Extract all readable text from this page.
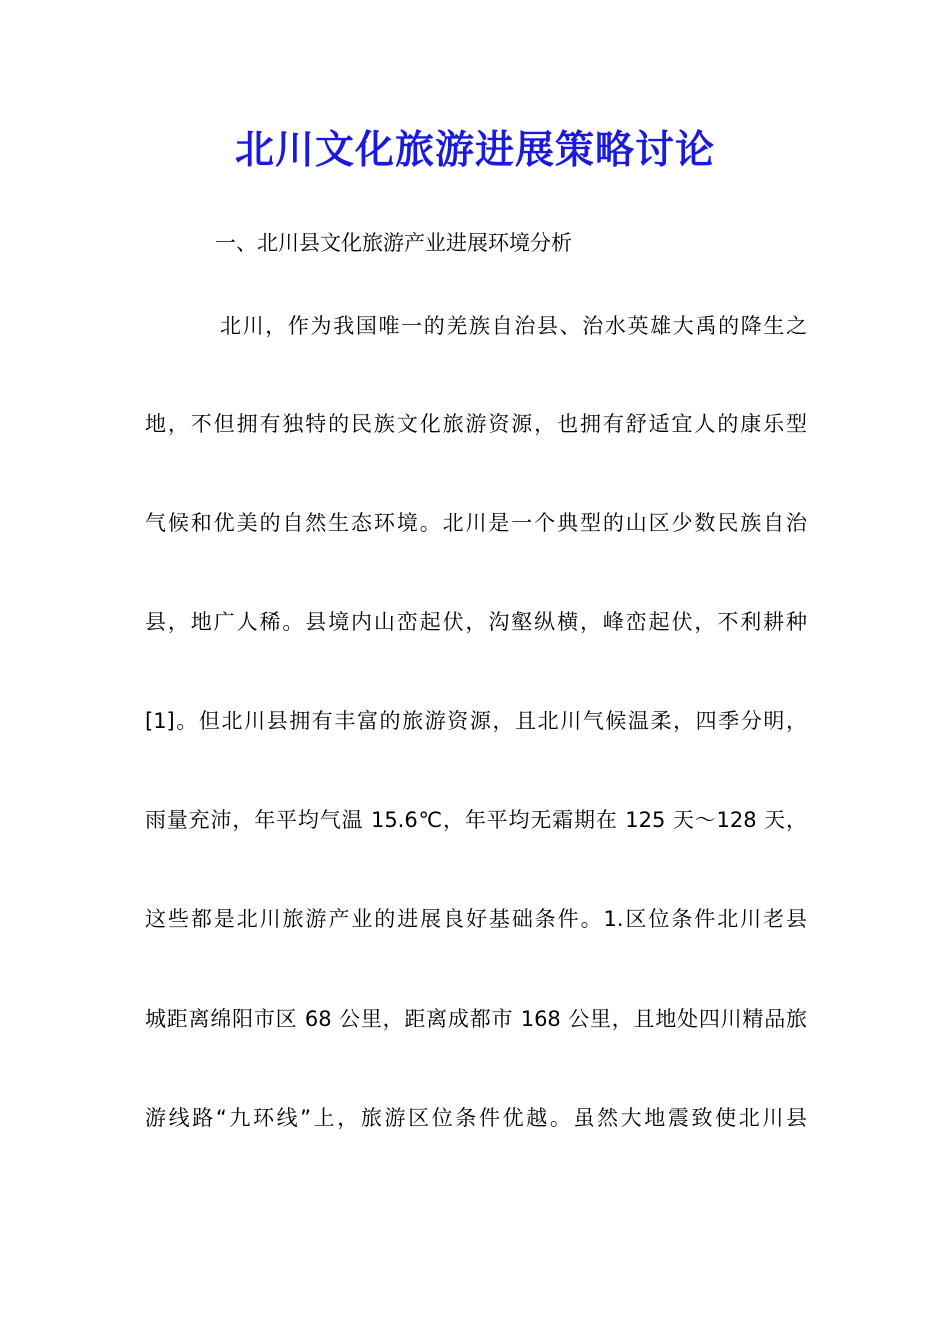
北川文化旅游进展策略讨论

一、北川县文化旅游产业进展环境分析

北川，作为我国唯一的羌族自治县、治水英雄大禹的降生之

地，不但拥有独特的民族文化旅游资源，也拥有舒适宜人的康乐型

气候和优美的自然生态环境。北川是一个典型的山区少数民族自治

县，地广人稀。县境内山峦起伏，沟壑纵横，峰峦起伏，不利耕种

[1]。但北川县拥有丰富的旅游资源，且北川气候温柔，四季分明，

雨量充沛，年平均气温 15.6℃，年平均无霜期在 125 天～128 天，

这些都是北川旅游产业的进展良好基础条件。1.区位条件北川老县

城距离绵阳市区 68 公里，距离成都市 168 公里，且地处四川精品旅

游线路“九环线”上，旅游区位条件优越。虽然大地震致使北川县
